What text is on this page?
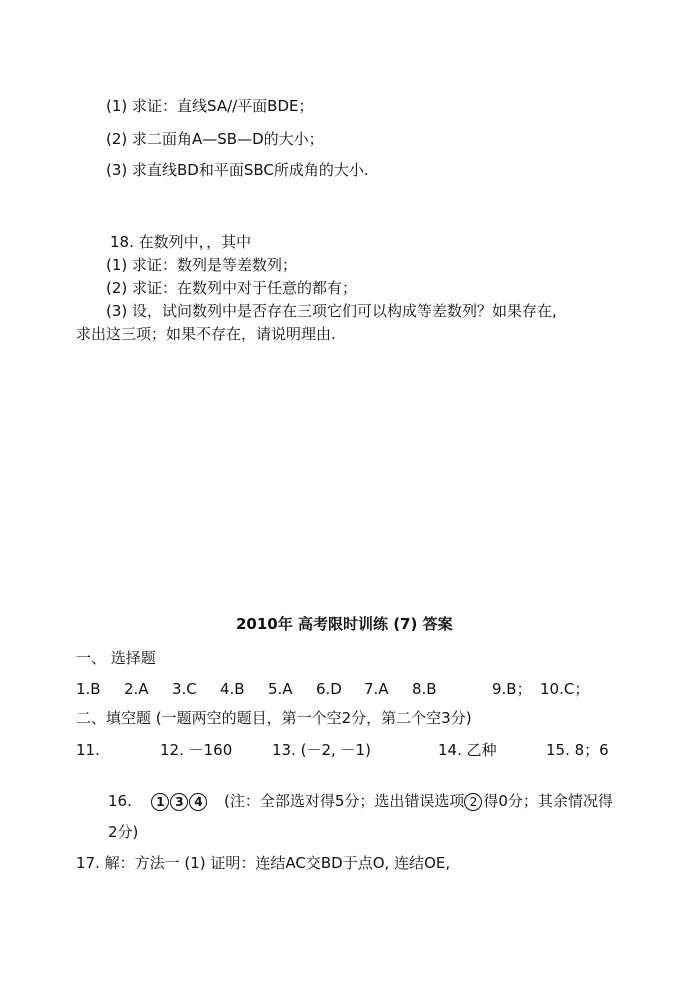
(1) 求证：直线SA//平面BDE；
(2) 求二面角A—SB—D的大小；
(3) 求直线BD和平面SBC所成角的大小.
18. 在数列中，，其中
(1) 求证：数列是等差数列；
(2) 求证：在数列中对于任意的都有；
(3) 设，试问数列中是否存在三项它们可以构成等差数列？如果存在,
求出这三项；如果不存在，请说明理由.
2010年 高考限时训练 (7) 答案
一、 选择题
1.B 2.A 3.C 4.B 5.A 6.D 7.A 8.B	9.B； 10.C；
二、填空题 (一题两空的题目，第一个空2分，第二个空3分)
11.	12. －160	13. (－2, －1)	14. 乙种	15. 8；6
16. 1 3 4 (注：全部选对得5分；选出错误选项 2 得0分；其余情况得
2分)
17. 解：方法一 (1) 证明：连结AC交BD于点O, 连结OE,
